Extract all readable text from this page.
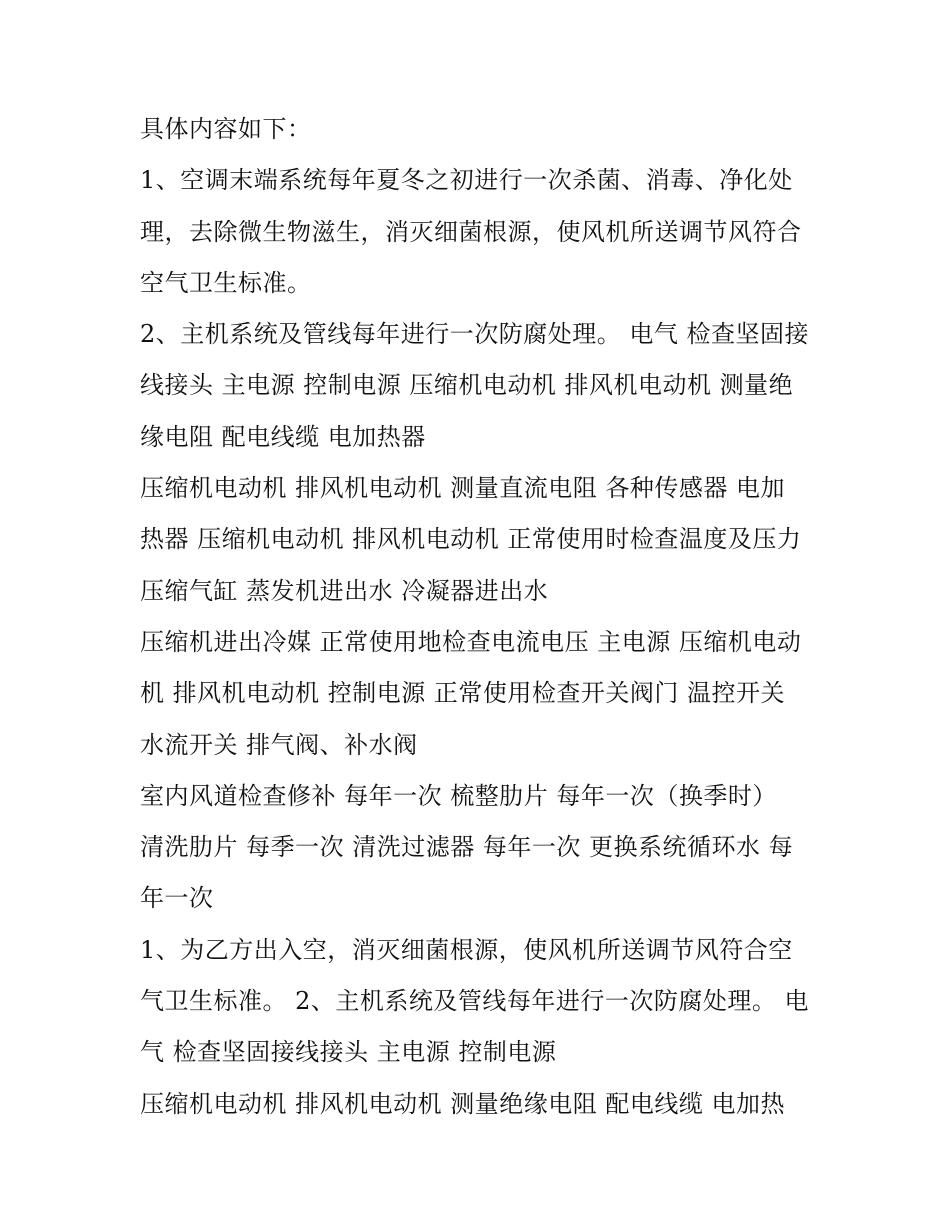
具体内容如下：
1、空调末端系统每年夏冬之初进行一次杀菌、消毒、净化处
理，去除微生物滋生，消灭细菌根源，使风机所送调节风符合
空气卫生标准。
2、主机系统及管线每年进行一次防腐处理。 电气 检查坚固接
线接头 主电源 控制电源 压缩机电动机 排风机电动机 测量绝
缘电阻 配电线缆 电加热器
压缩机电动机 排风机电动机 测量直流电阻 各种传感器 电加
热器 压缩机电动机 排风机电动机 正常使用时检查温度及压力
压缩气缸 蒸发机进出水 冷凝器进出水
压缩机进出冷媒 正常使用地检查电流电压 主电源 压缩机电动
机 排风机电动机 控制电源 正常使用检查开关阀门 温控开关
水流开关 排气阀、补水阀
室内风道检查修补 每年一次 梳整肋片 每年一次（换季时）
清洗肋片 每季一次 清洗过滤器 每年一次 更换系统循环水 每
年一次
1、为乙方出入空，消灭细菌根源，使风机所送调节风符合空
气卫生标准。 2、主机系统及管线每年进行一次防腐处理。 电
气 检查坚固接线接头 主电源 控制电源
压缩机电动机 排风机电动机 测量绝缘电阻 配电线缆 电加热
